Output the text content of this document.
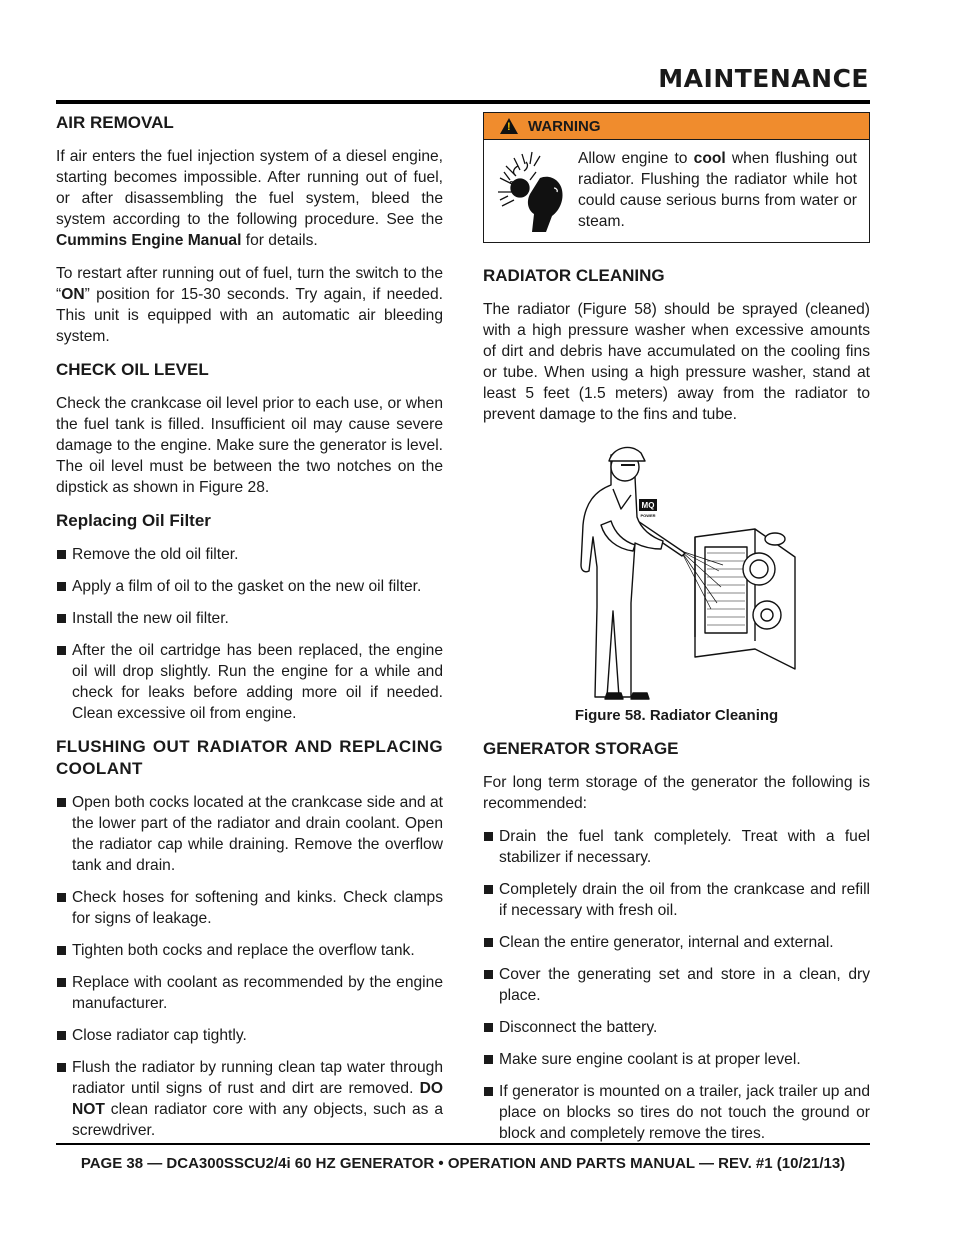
MAINTENANCE
AIR REMOVAL

If air enters the fuel injection system of a diesel engine, starting becomes impossible. After running out of fuel, or after disassembling the fuel system, bleed the system according to the following procedure. See the Cummins Engine Manual for details.

To restart after running out of fuel, turn the switch to the “ON” position for 15-30 seconds. Try again, if needed. This unit is equipped with an automatic air bleeding system.

CHECK OIL LEVEL

Check the crankcase oil level prior to each use, or when the fuel tank is filled. Insufficient oil may cause severe damage to the engine. Make sure the generator is level. The oil level must be between the two notches on the dipstick as shown in Figure 28.

Replacing Oil Filter
Remove the old oil filter.
Apply a film of oil to the gasket on the new oil filter.
Install the new oil filter.
After the oil cartridge has been replaced, the engine oil will drop slightly. Run the engine for a while and check for leaks before adding more oil if needed. Clean excessive oil from engine.
FLUSHING OUT RADIATOR AND REPLACING COOLANT
Open both cocks located at the crankcase side and at the lower part of the radiator and drain coolant. Open the radiator cap while draining. Remove the overflow tank and drain.
Check hoses for softening and kinks. Check clamps for signs of leakage.
Tighten both cocks and replace the overflow tank.
Replace with coolant as recommended by the engine manufacturer.
Close radiator cap tightly.
Flush the radiator by running clean tap water through radiator until signs of rust and dirt are removed. DO NOT clean radiator core with any objects, such as a screwdriver.
! WARNING
Allow engine to cool when flushing out radiator. Flushing the radiator while hot could cause serious burns from water or steam.
RADIATOR CLEANING

The radiator (Figure 58) should be sprayed (cleaned) with a high pressure washer when excessive amounts of dirt and debris have accumulated on the cooling fins or tube. When using a high pressure washer, stand at least 5 feet (1.5 meters) away from the radiator to prevent damage to the fins and tube.

MQ
POWER
Figure 58. Radiator Cleaning
GENERATOR STORAGE

For long term storage of the generator the following is recommended:

Drain the fuel tank completely. Treat with a fuel stabilizer if necessary.
Completely drain the oil from the crankcase and refill if necessary with fresh oil.
Clean the entire generator, internal and external.
Cover the generating set and store in a clean, dry place.
Disconnect the battery.
Make sure engine coolant is at proper level.
If generator is mounted on a trailer, jack trailer up and place on blocks so tires do not touch the ground or block and completely remove the tires.
PAGE 38 — DCA300SSCU2/4i 60 HZ GENERATOR • OPERATION AND PARTS MANUAL — REV. #1 (10/21/13)
